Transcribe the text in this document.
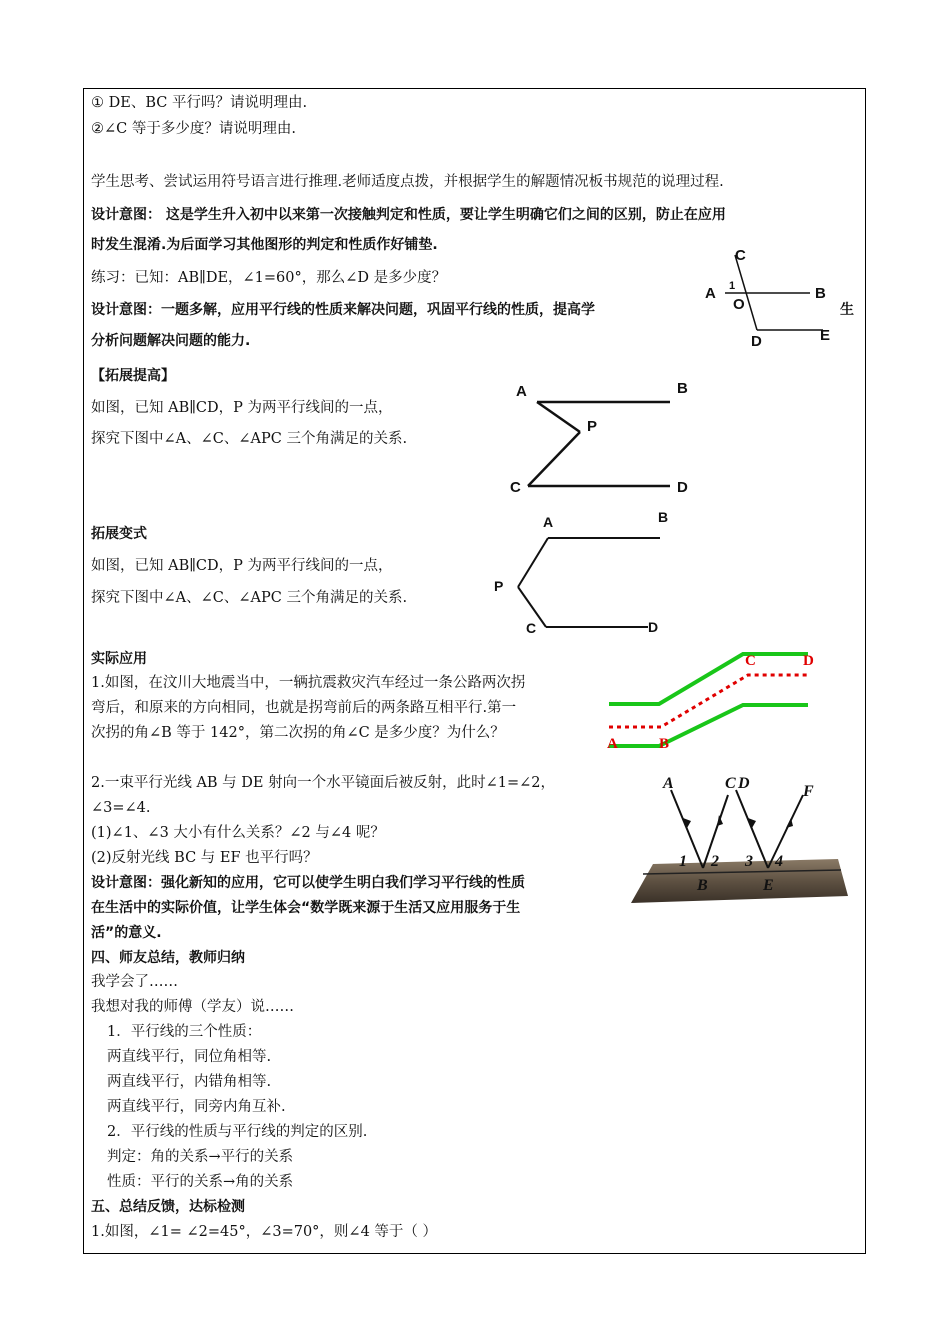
① DE、BC 平行吗？请说明理由.
②∠C 等于多少度？请说明理由.
学生思考、尝试运用符号语言进行推理.老师适度点拨，并根据学生的解题情况板书规范的说理过程.
设计意图： 这是学生升入初中以来第一次接触判定和性质，要让学生明确它们之间的区别，防止在应用
时发生混淆.为后面学习其他图形的判定和性质作好铺垫.
练习：已知：AB∥DE，∠1=60°，那么∠D 是多少度？
设计意图：一题多解，应用平行线的性质来解决问题，巩固平行线的性质，提高学	生
分析问题解决问题的能力.
C
A	B
O
1
D	E
【拓展提高】
如图，已知 AB∥CD，P 为两平行线间的一点，
探究下图中∠A、∠C、∠APC 三个角满足的关系.
A	B
P
C	D
拓展变式
如图，已知 AB∥CD，P 为两平行线间的一点，
探究下图中∠A、∠C、∠APC 三个角满足的关系.
A	B
P
C	D
实际应用
1.如图，在汶川大地震当中，一辆抗震救灾汽车经过一条公路两次拐
弯后，和原来的方向相同，也就是拐弯前后的两条路互相平行.第一
次拐的角∠B 等于 142°，第二次拐的角∠C 是多少度？为什么？
A	B
C	D
2.一束平行光线 AB 与 DE 射向一个水平镜面后被反射，此时∠1=∠2，
∠3=∠4.
(1)∠1、∠3 大小有什么关系？∠2 与∠4 呢？
(2)反射光线 BC 与 EF 也平行吗？
A	C D	F
1 2 3 4
B	E
设计意图：强化新知的应用，它可以使学生明白我们学习平行线的性质
在生活中的实际价值，让学生体会“数学既来源于生活又应用服务于生
活”的意义.
四、师友总结，教师归纳
我学会了……
我想对我的师傅（学友）说……
1．平行线的三个性质：
两直线平行，同位角相等.
两直线平行，内错角相等.
两直线平行，同旁内角互补.
2．平行线的性质与平行线的判定的区别.
判定：角的关系→平行的关系
性质：平行的关系→角的关系
五、总结反馈，达标检测
1.如图，∠1= ∠2=45°，∠3=70°，则∠4 等于（ ）
